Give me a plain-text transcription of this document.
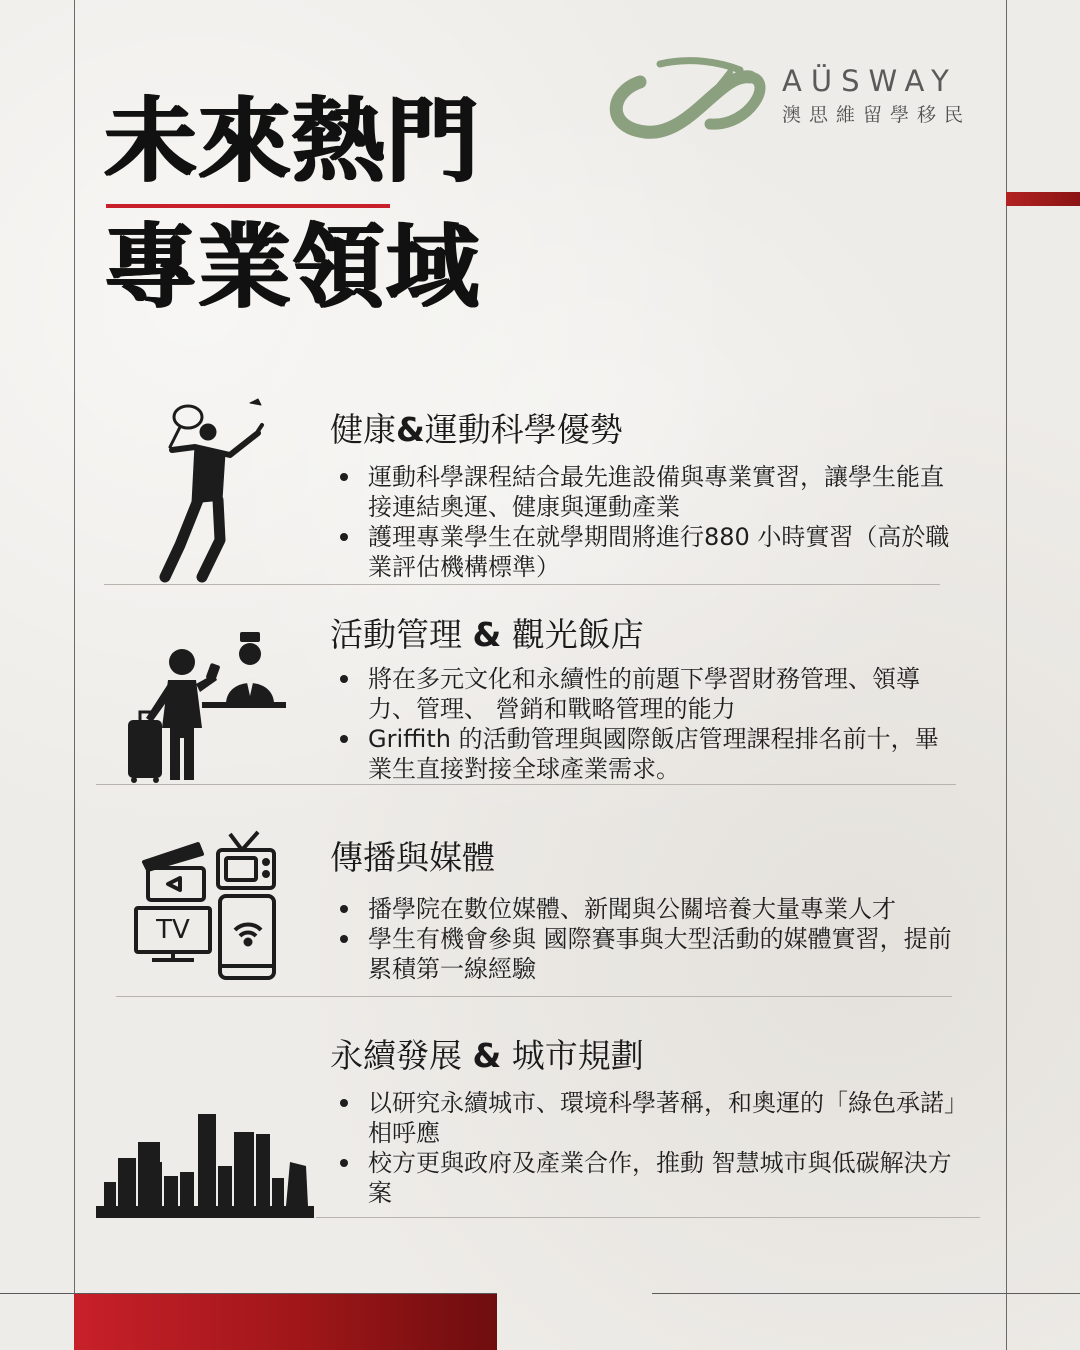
未來熱門
專業領域
AÜSWAY
澳思維留學移民
健康&運動科學優勢
運動科學課程結合最先進設備與專業實習，讓學生能直接連結奧運、健康與運動產業
護理專業學生在就學期間將進行880 小時實習（高於職業評估機構標準）
活動管理 & 觀光飯店
將在多元文化和永續性的前題下學習財務管理、領導力、管理、 營銷和戰略管理的能力
Griffith 的活動管理與國際飯店管理課程排名前十，畢業生直接對接全球產業需求。
TV
傳播與媒體
播學院在數位媒體、新聞與公關培養大量專業人才
學生有機會參與 國際賽事與大型活動的媒體實習，提前累積第一線經驗
永續發展 & 城市規劃
以研究永續城市、環境科學著稱，和奧運的「綠色承諾」相呼應
校方更與政府及產業合作，推動 智慧城市與低碳解決方案
